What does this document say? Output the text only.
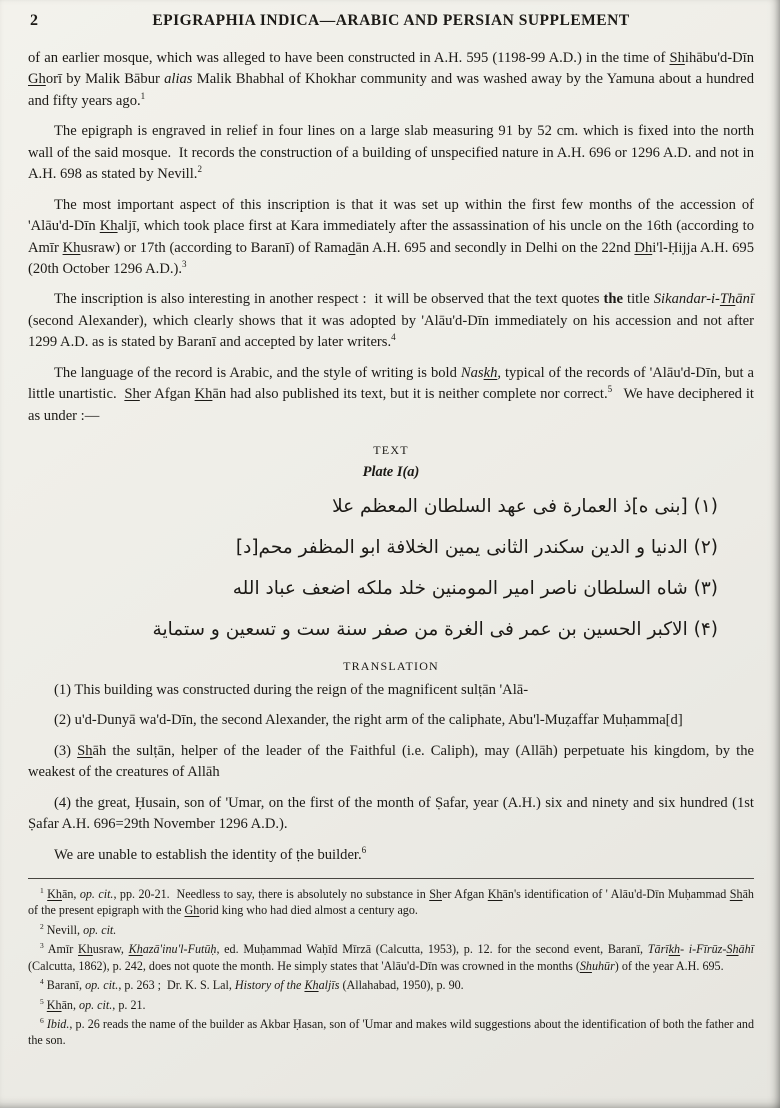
2	EPIGRAPHIA INDICA—ARABIC AND PERSIAN SUPPLEMENT

of an earlier mosque, which was alleged to have been constructed in A.H. 595 (1198-99 A.D.) in the time of Shihābu'd-Dīn Ghorī by Malik Bābur alias Malik Bhabhal of Khokhar community and was washed away by the Yamuna about a hundred and fifty years ago.$^1$

The epigraph is engraved in relief in four lines on a large slab measuring 91 by 52 cm. which is fixed into the north wall of the said mosque.  It records the construction of a building of unspecified nature in A.H. 696 or 1296 A.D. and not in A.H. 698 as stated by Nevill.$^2$

The most important aspect of this inscription is that it was set up within the first few months of the accession of 'Alāu'd-Dīn Khaljī, which took place first at Kara immediately after the assassination of his uncle on the 16th (according to Amīr Khusraw) or 17th (according to Baranī) of Ramadān A.H. 695 and secondly in Delhi on the 22nd Dhi'l-Ḥijja A.H. 695 (20th October 1296 A.D.).$^3$

The inscription is also interesting in another respect :  it will be observed that the text quotes the title Sikandar-i-Thānī (second Alexander), which clearly shows that it was adopted by 'Alāu'd-Dīn immediately on his accession and not after 1299 A.D. as is stated by Baranī and accepted by later writers.$^4$

The language of the record is Arabic, and the style of writing is bold Naskh, typical of the records of 'Alāu'd-Dīn, but a little unartistic.  Sher Afgan Khān had also published its text, but it is neither complete nor correct.$^5$   We have deciphered it as under :—

TEXT
Plate I(a)
(١) [بنى ه]ذ العمارة فى عهد السلطان المعظم علا
(٢) الدنيا و الدين سكندر الثانى يمين الخلافة ابو المظفر محم[د]
(٣) شاه السلطان ناصر امير المومنين خلد ملكه اضعف عباد الله
(۴) الاكبر الحسين بن عمر فى الغرة من صفر سنة ست و تسعين و ستماية
TRANSLATION

(1) This building was constructed during the reign of the magnificent sulṭān 'Alā-

(2) u'd-Dunyā wa'd-Dīn, the second Alexander, the right arm of the caliphate, Abu'l-Muẓaffar Muḥamma[d]

(3) Shāh the sulṭān, helper of the leader of the Faithful (i.e. Caliph), may (Allāh) perpetuate his kingdom, by the weakest of the creatures of Allāh

(4) the great, Ḥusain, son of 'Umar, on the first of the month of Ṣafar, year (A.H.) six and ninety and six hundred (1st Ṣafar A.H. 696=29th November 1296 A.D.).

We are unable to establish the identity of ṭhe builder.$^6$

$^1$ Khān, op. cit., pp. 20-21.  Needless to say, there is absolutely no substance in Sher Afgan Khān's identification of ' Alāu'd-Dīn Muḥammad Shāh of the present epigraph with the Ghorid king who had died almost a century ago.

$^2$ Nevill, op. cit.

$^3$ Amīr Khusraw, Khazā'inu'l-Futūḥ, ed. Muḥammad Waḥīd Mīrzā (Calcutta, 1953), p. 12. for the second event, Baranī, Tārīkh- i-Fīrūz-Shāhī (Calcutta, 1862), p. 242, does not quote the month. He simply states that 'Alāu'd-Dīn was crowned in the months (Shuhūr) of the year A.H. 695.

$^4$ Baranī, op. cit., p. 263 ;  Dr. K. S. Lal, History of the Khaljīs (Allahabad, 1950), p. 90.

$^5$ Khān, op. cit., p. 21.

$^6$ Ibid., p. 26 reads the name of the builder as Akbar Ḥasan, son of 'Umar and makes wild suggestions about the identification of both the father and the son.
